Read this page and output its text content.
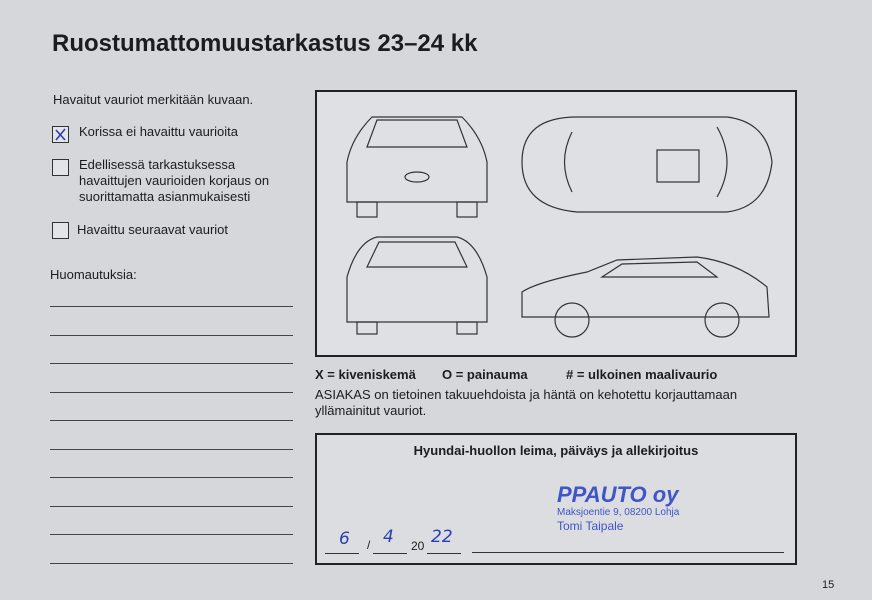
Ruostumattomuustarkastus 23–24 kk
Havaitut vauriot merkitään kuvaan.
Korissa ei havaittu vaurioita
Edellisessä tarkastuksessa
havaittujen vaurioiden korjaus on
suorittamatta asianmukaisesti
Havaittu seuraavat vauriot
Huomautuksia:
X = kiveniskemä O = painauma	# = ulkoinen maalivaurio
ASIAKAS on tietoinen takuuehdoista ja häntä on kehotettu korjauttamaan
yllämainitut vauriot.
Hyundai-huollon leima, päiväys ja allekirjoitus
PPAUTO oy
Maksjoentie 9, 08200 Lohja
Tomi Taipale
6 / 4 20 22
15
